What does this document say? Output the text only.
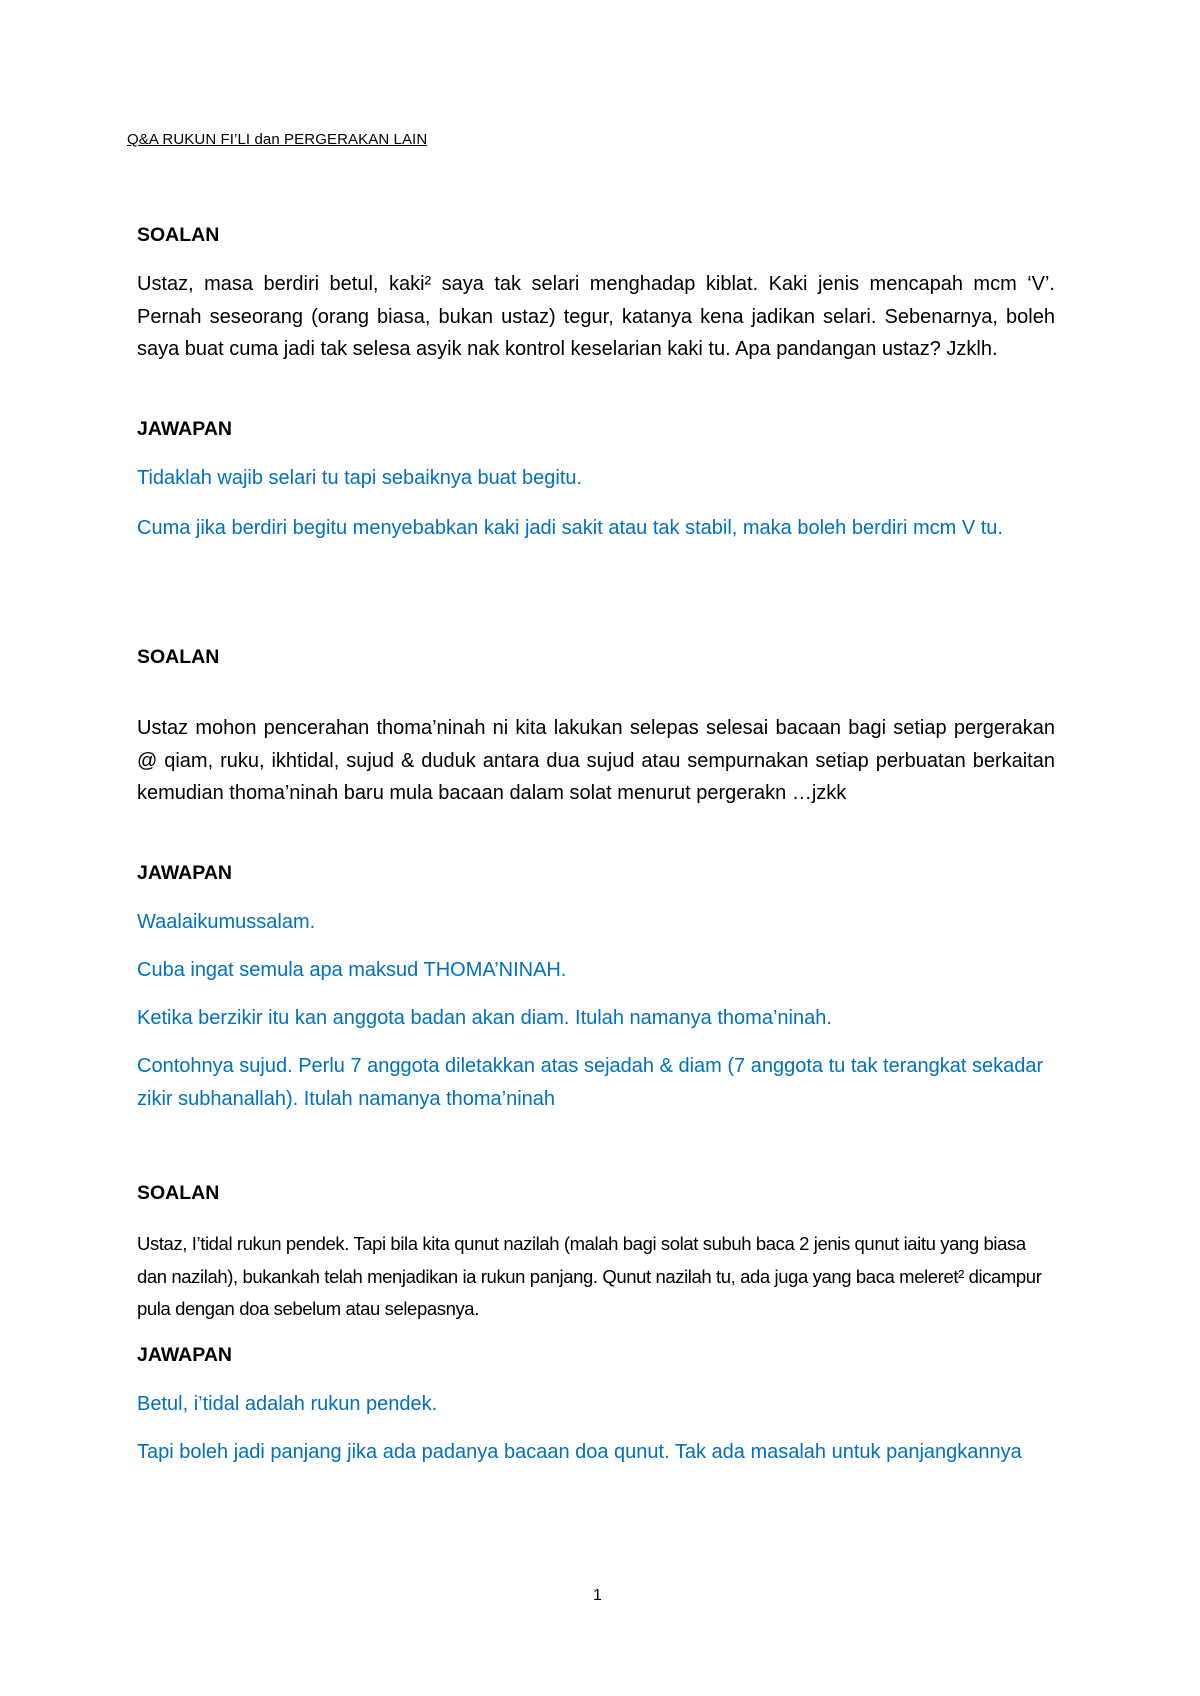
Q&A RUKUN FI’LI dan PERGERAKAN LAIN
SOALAN

Ustaz, masa berdiri betul, kaki² saya tak selari menghadap kiblat. Kaki jenis mencapah mcm ‘V’. Pernah seseorang (orang biasa, bukan ustaz) tegur, katanya kena jadikan selari. Sebenarnya, boleh saya buat cuma jadi tak selesa asyik nak kontrol keselarian kaki tu. Apa pandangan ustaz? Jzklh.

JAWAPAN

Tidaklah wajib selari tu tapi sebaiknya buat begitu.

Cuma jika berdiri begitu menyebabkan kaki jadi sakit atau tak stabil, maka boleh berdiri mcm V tu.

SOALAN

Ustaz mohon pencerahan thoma’ninah ni kita lakukan selepas selesai bacaan bagi setiap pergerakan @ qiam, ruku, ikhtidal, sujud & duduk antara dua sujud atau sempurnakan setiap perbuatan berkaitan kemudian thoma’ninah baru mula bacaan dalam solat menurut pergerakn …jzkk

JAWAPAN

Waalaikumussalam.

Cuba ingat semula apa maksud THOMA’NINAH.

Ketika berzikir itu kan anggota badan akan diam. Itulah namanya thoma’ninah.

Contohnya sujud. Perlu 7 anggota diletakkan atas sejadah & diam (7 anggota tu tak terangkat sekadar zikir subhanallah). Itulah namanya thoma’ninah

SOALAN

Ustaz, I’tidal rukun pendek. Tapi bila kita qunut nazilah (malah bagi solat subuh baca 2 jenis qunut iaitu yang biasa dan nazilah), bukankah telah menjadikan ia rukun panjang. Qunut nazilah tu, ada juga yang baca meleret² dicampur pula dengan doa sebelum atau selepasnya.

JAWAPAN

Betul, i’tidal adalah rukun pendek.

Tapi boleh jadi panjang jika ada padanya bacaan doa qunut. Tak ada masalah untuk panjangkannya

1
